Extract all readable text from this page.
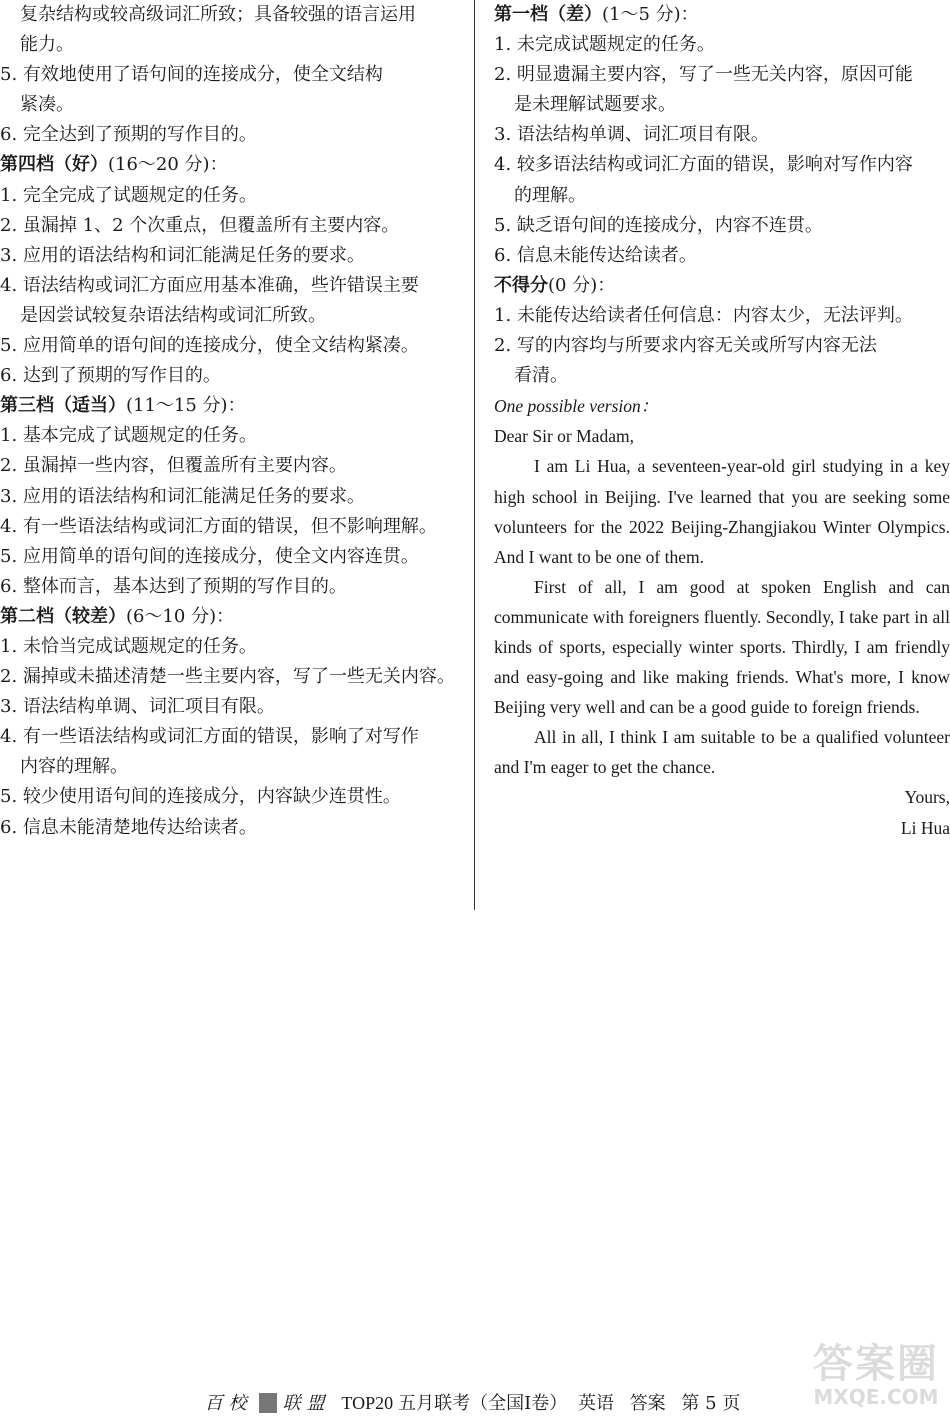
复杂结构或较高级词汇所致；具备较强的语言运用
能力。
5. 有效地使用了语句间的连接成分，使全文结构
紧凑。
6. 完全达到了预期的写作目的。
第四档（好）(16～20 分)：
1. 完全完成了试题规定的任务。
2. 虽漏掉 1、2 个次重点，但覆盖所有主要内容。
3. 应用的语法结构和词汇能满足任务的要求。
4. 语法结构或词汇方面应用基本准确，些许错误主要
是因尝试较复杂语法结构或词汇所致。
5. 应用简单的语句间的连接成分，使全文结构紧凑。
6. 达到了预期的写作目的。
第三档（适当）(11～15 分)：
1. 基本完成了试题规定的任务。
2. 虽漏掉一些内容，但覆盖所有主要内容。
3. 应用的语法结构和词汇能满足任务的要求。
4. 有一些语法结构或词汇方面的错误，但不影响理解。
5. 应用简单的语句间的连接成分，使全文内容连贯。
6. 整体而言，基本达到了预期的写作目的。
第二档（较差）(6～10 分)：
1. 未恰当完成试题规定的任务。
2. 漏掉或未描述清楚一些主要内容，写了一些无关内容。
3. 语法结构单调、词汇项目有限。
4. 有一些语法结构或词汇方面的错误，影响了对写作
内容的理解。
5. 较少使用语句间的连接成分，内容缺少连贯性。
6. 信息未能清楚地传达给读者。
第一档（差）(1～5 分)：
1. 未完成试题规定的任务。
2. 明显遗漏主要内容，写了一些无关内容，原因可能
是未理解试题要求。
3. 语法结构单调、词汇项目有限。
4. 较多语法结构或词汇方面的错误，影响对写作内容
的理解。
5. 缺乏语句间的连接成分，内容不连贯。
6. 信息未能传达给读者。
不得分(0 分)：
1. 未能传达给读者任何信息：内容太少，无法评判。
2. 写的内容均与所要求内容无关或所写内容无法
看清。

One possible version：

Dear Sir or Madam,

I am Li Hua, a seventeen-year-old girl studying in a key high school in Beijing. I've learned that you are seeking some volunteers for the 2022 Beijing-Zhangjiakou Winter Olympics. And I want to be one of them.

First of all, I am good at spoken English and can communicate with foreigners fluently. Secondly, I take part in all kinds of sports, especially winter sports. Thirdly, I am friendly and easy-going and like making friends. What's more, I know Beijing very well and can be a good guide to foreign friends.

All in all, I think I am suitable to be a qualified volunteer and I'm eager to get the chance.

Yours,

Li Hua

百校 联盟 TOP20 五月联考（全国Ⅰ卷） 英语 答案 第 5 页
答案圈
MXQE.COM
